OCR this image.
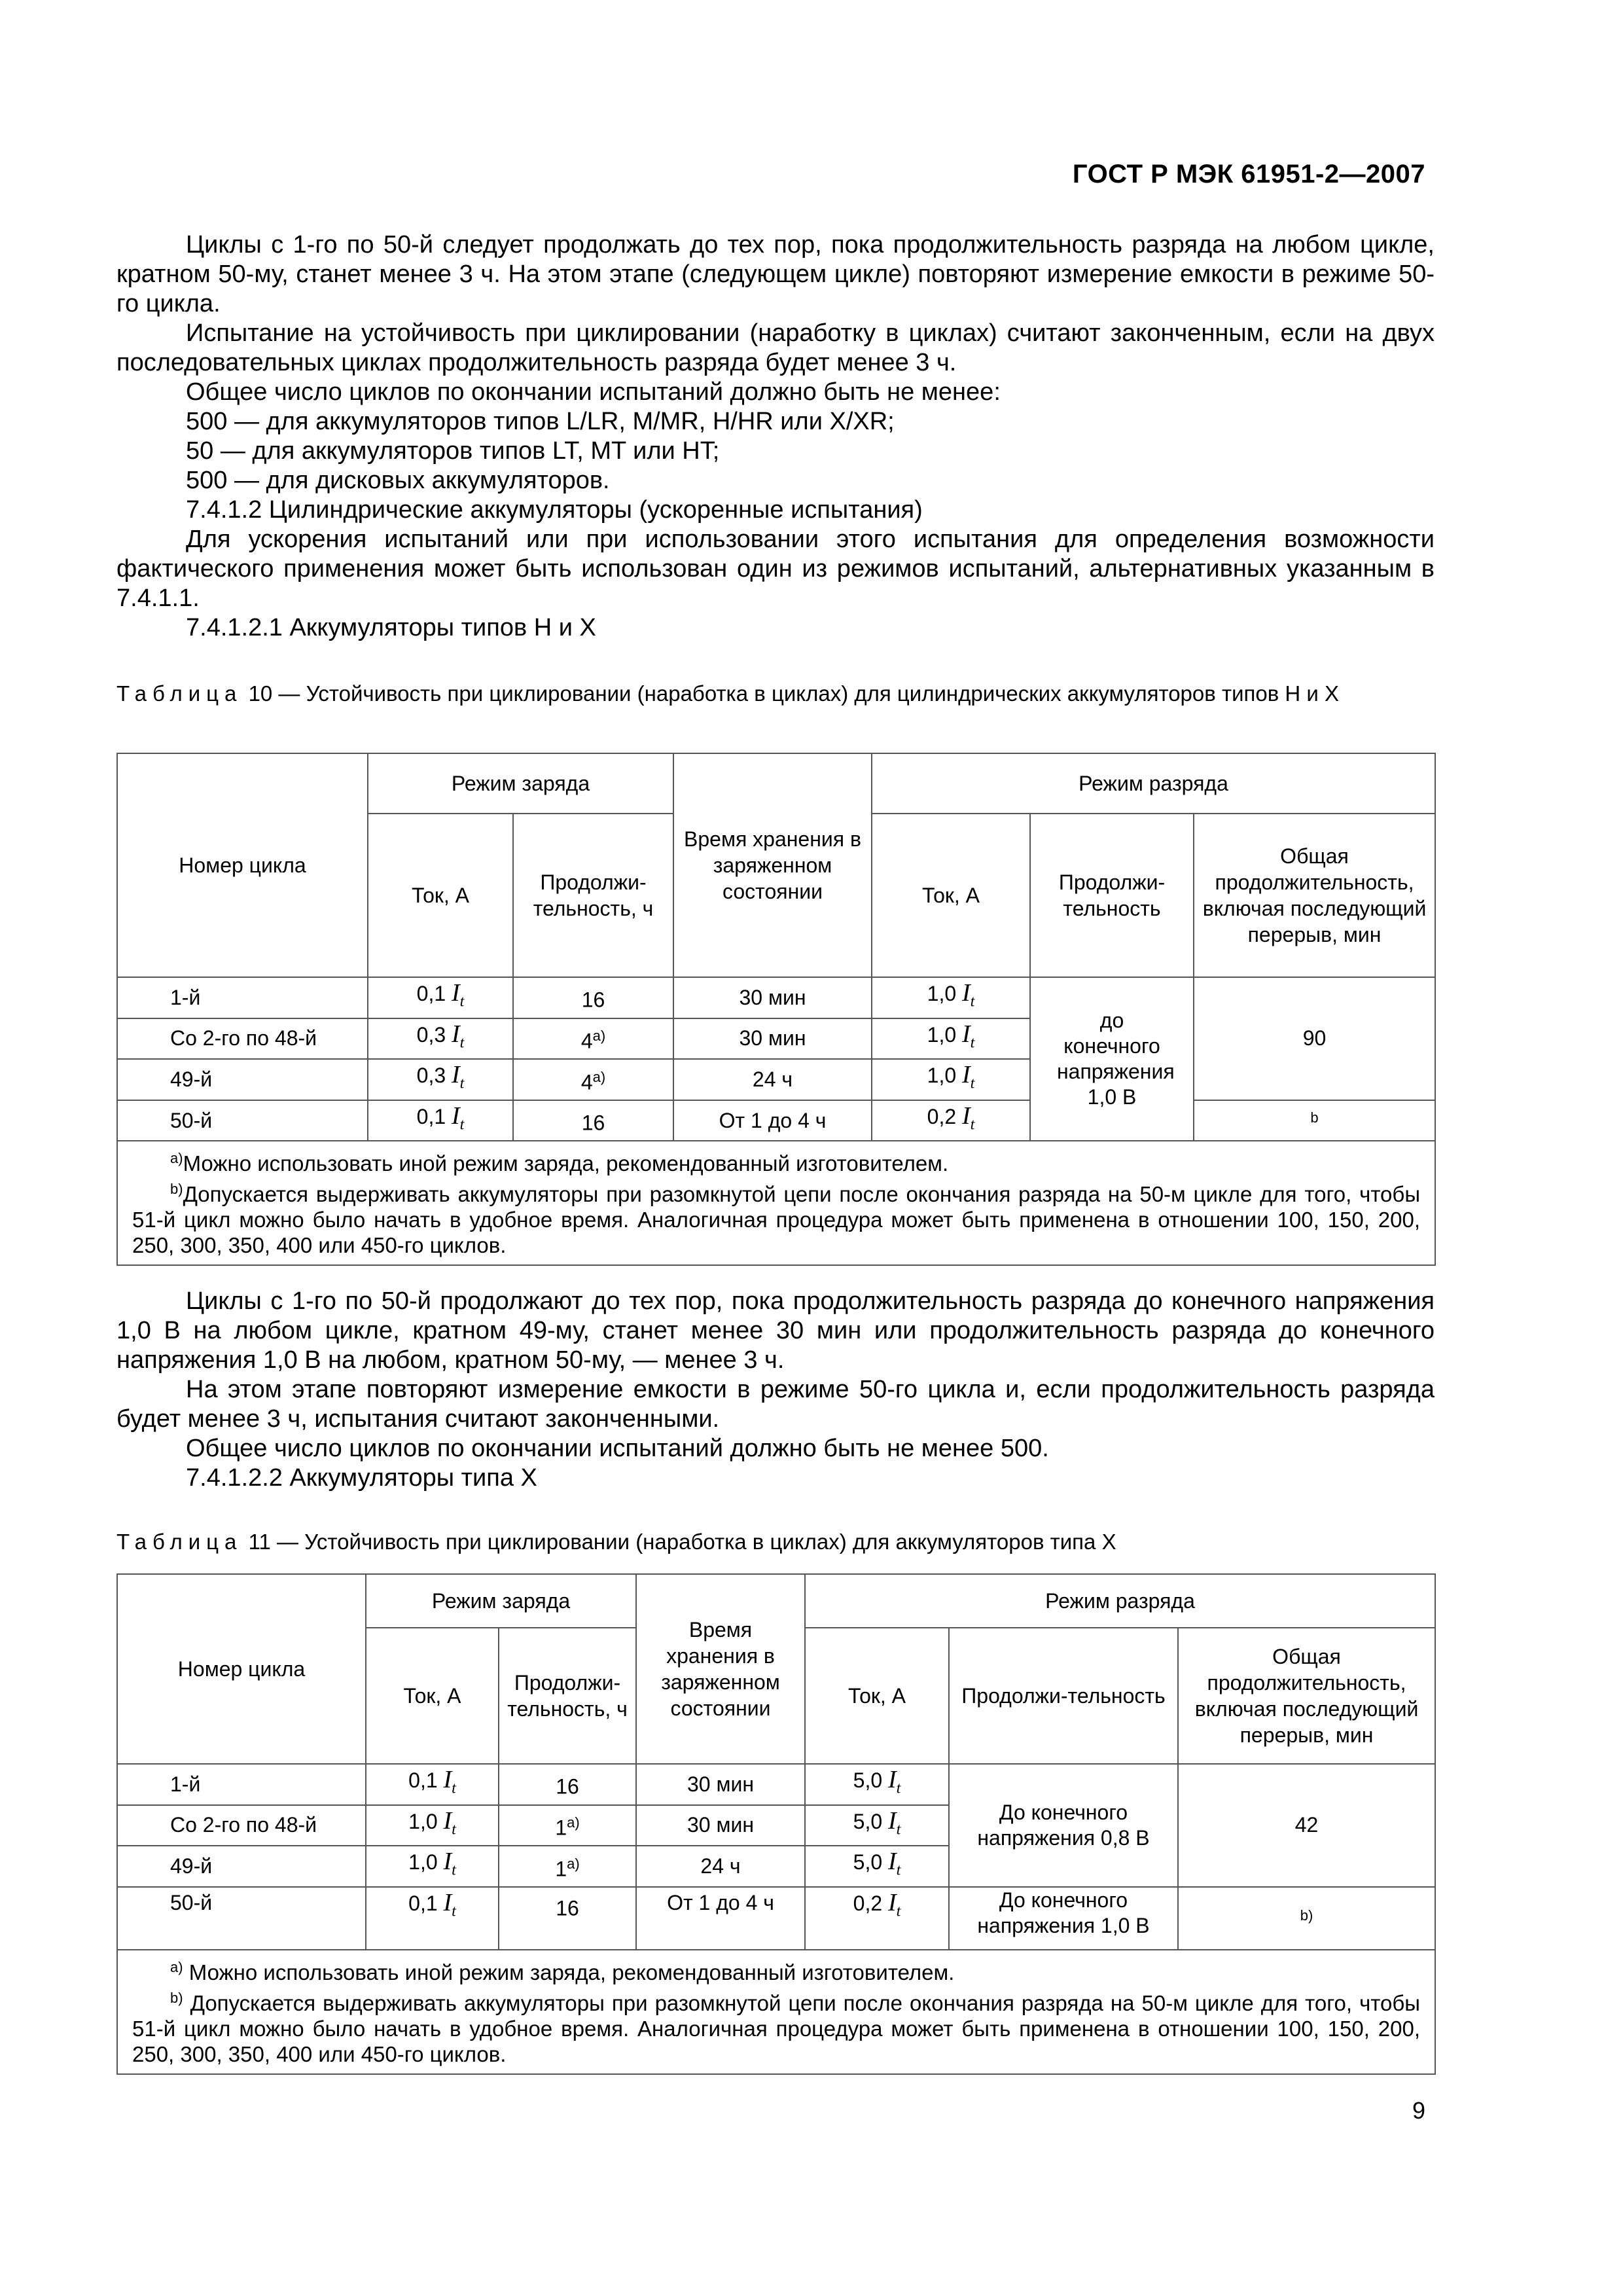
ГОСТ Р МЭК 61951-2—2007

Циклы с 1-го по 50-й следует продолжать до тех пор, пока продолжительность разряда на любом цикле, кратном 50-му, станет менее 3 ч. На этом этапе (следующем цикле) повторяют измерение емкости в режиме 50-го цикла.

Испытание на устойчивость при циклировании (наработку в циклах) считают законченным, если на двух последовательных циклах продолжительность разряда будет менее 3 ч.

Общее число циклов по окончании испытаний должно быть не менее:

500 — для аккумуляторов типов L/LR, M/MR, H/HR или X/XR;

50 — для аккумуляторов типов LT, MT или HT;

500 — для дисковых аккумуляторов.

7.4.1.2 Цилиндрические аккумуляторы (ускоренные испытания)

Для ускорения испытаний или при использовании этого испытания для определения возможности фактического применения может быть использован один из режимов испытаний, альтернативных указанным в 7.4.1.1.

7.4.1.2.1 Аккумуляторы типов H и X

Таблица 10 — Устойчивость при циклировании (наработка в циклах) для цилиндрических аккумуляторов типов H и X

Номер цикла	Режим заряда		Время хранения в заряженном состоянии	Режим разряда		
	Ток, А	Продолжи-тельность, ч		Ток, А	Продолжи-тельность	Общая продолжительность, включая последующий перерыв, мин
1-й	0,1 $I_t$	16	30 мин	1,0 $I_t$	до конечного напряжения 1,0 В	90
Со 2-го по 48-й	0,3 $I_t$	4$^{a)}$	30 мин	1,0 $I_t$
49-й	0,3 $I_t$	4$^{a)}$	24 ч	1,0 $I_t$
50-й	0,1 $I_t$	16	От 1 до 4 ч	0,2 $I_t$		$^b$

$^{a)}$Можно использовать иной режим заряда, рекомендованный изготовителем.

$^{b)}$Допускается выдерживать аккумуляторы при разомкнутой цепи после окончания разряда на 50-м цикле для того, чтобы 51-й цикл можно было начать в удобное время. Аналогичная процедура может быть применена в отношении 100, 150, 200, 250, 300, 350, 400 или 450-го циклов.						

Циклы с 1-го по 50-й продолжают до тех пор, пока продолжительность разряда до конечного напряжения 1,0 В на любом цикле, кратном 49-му, станет менее 30 мин или продолжительность разряда до конечного напряжения 1,0 В на любом, кратном 50-му, — менее 3 ч.

На этом этапе повторяют измерение емкости в режиме 50-го цикла и, если продолжительность разряда будет менее 3 ч, испытания считают законченными.

Общее число циклов по окончании испытаний должно быть не менее 500.

7.4.1.2.2 Аккумуляторы типа X

Таблица 11 — Устойчивость при циклировании (наработка в циклах) для аккумуляторов типа X

Номер цикла	Режим заряда		Время хранения в заряженном состоянии	Режим разряда		
	Ток, А	Продолжи-тельность, ч		Ток, А	Продолжи-тельность	Общая продолжительность, включая последующий перерыв, мин
1-й	0,1 $I_t$	16	30 мин	5,0 $I_t$	До конечного напряжения 0,8 В	42
Со 2-го по 48-й	1,0 $I_t$	1$^{a)}$	30 мин	5,0 $I_t$
49-й	1,0 $I_t$	1$^{a)}$	24 ч	5,0 $I_t$
50-й	0,1 $I_t$	16	От 1 до 4 ч	0,2 $I_t$	До конечного напряжения 1,0 В	$^{b)}$

$^{a)}$ Можно использовать иной режим заряда, рекомендованный изготовителем.

$^{b)}$ Допускается выдерживать аккумуляторы при разомкнутой цепи после окончания разряда на 50-м цикле для того, чтобы 51-й цикл можно было начать в удобное время. Аналогичная процедура может быть применена в отношении 100, 150, 200, 250, 300, 350, 400 или 450-го циклов.						

9
